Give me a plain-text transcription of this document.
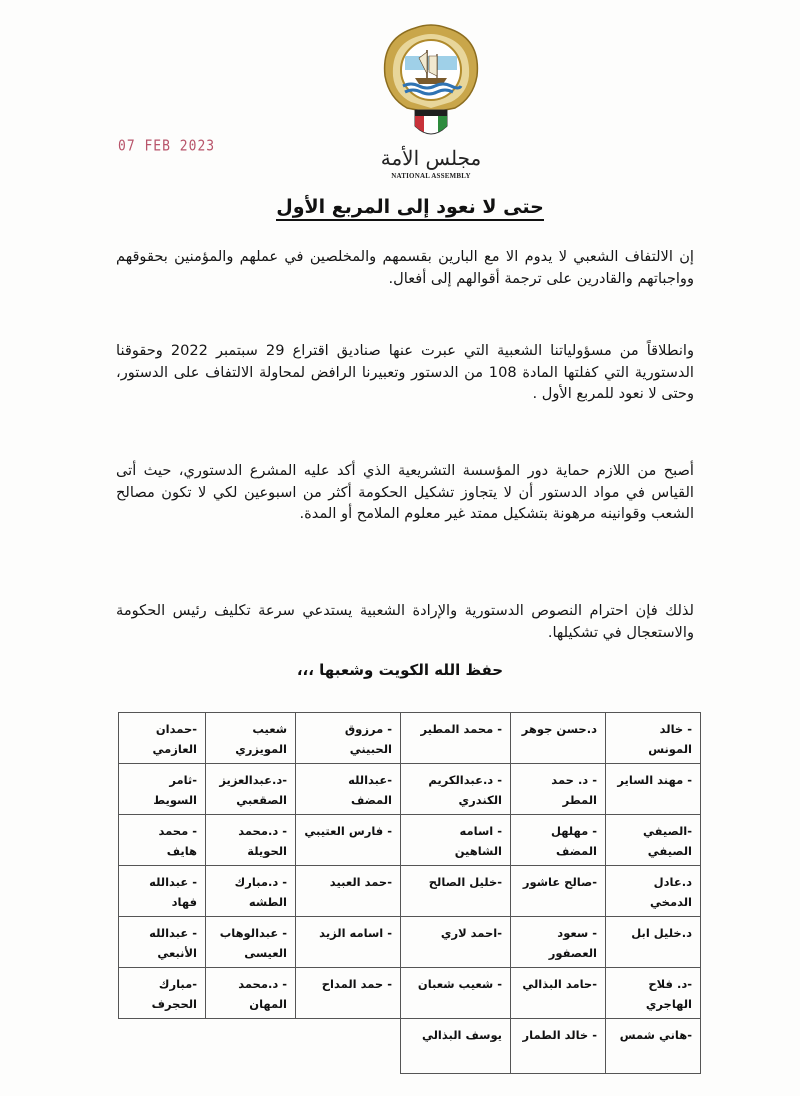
مجلس الأمة
NATIONAL ASSEMBLY
07 FEB 2023
حتى لا نعود إلى المربع الأول

إن الالتفاف الشعبي لا يدوم الا مع البارين بقسمهم والمخلصين في عملهم والمؤمنين بحقوقهم وواجباتهم والقادرين على ترجمة أقوالهم إلى أفعال.

وانطلاقاً من مسؤولياتنا الشعبية التي عبرت عنها صناديق اقتراع 29 سبتمبر 2022 وحقوقنا الدستورية التي كفلتها المادة 108 من الدستور وتعبيرنا الرافض لمحاولة الالتفاف على الدستور، وحتى لا نعود للمربع الأول .

أصبح من اللازم حماية دور المؤسسة التشريعية الذي أكد عليه المشرع الدستوري، حيث أتى القياس في مواد الدستور أن لا يتجاوز تشكيل الحكومة أكثر من اسبوعين لكي لا تكون مصالح الشعب وقوانينه مرهونة بتشكيل ممتد غير معلوم الملامح أو المدة.

لذلك فإن احترام النصوص الدستورية والإرادة الشعبية يستدعي سرعة تكليف رئيس الحكومة والاستعجال في تشكيلها.

حفظ الله الكويت وشعبها ،،،
- خالد المونس	د.حسن جوهر	- محمد المطير	- مرزوق الحبيني	شعيب المويزري	-حمدان العازمي
- مهند الساير	- د. حمد المطر	- د.عبدالكريم الكندري	-عبدالله المضف	-د.عبدالعزيز الصقعبي	-ثامر السويط
-الصيفي الصيفي	- مهلهل المضف	- اسامه الشاهين	- فارس العتيبي	- د.محمد الحويلة	- محمد هايف
د.عادل الدمخي	-صالح عاشور	-خليل الصالح	-حمد العبيد	- د.مبارك الطشه	- عبدالله فهاد
د.خليل ابل	- سعود العصفور	-احمد لاري	- اسامه الزيد	- عبدالوهاب العيسى	- عبدالله الأنبعي
-د. فلاح الهاجري	-حامد البذالي	- شعيب شعبان	- حمد المداح	- د.محمد المهان	-مبارك الحجرف
-هاني شمس	- خالد الطمار	يوسف البذالي			
